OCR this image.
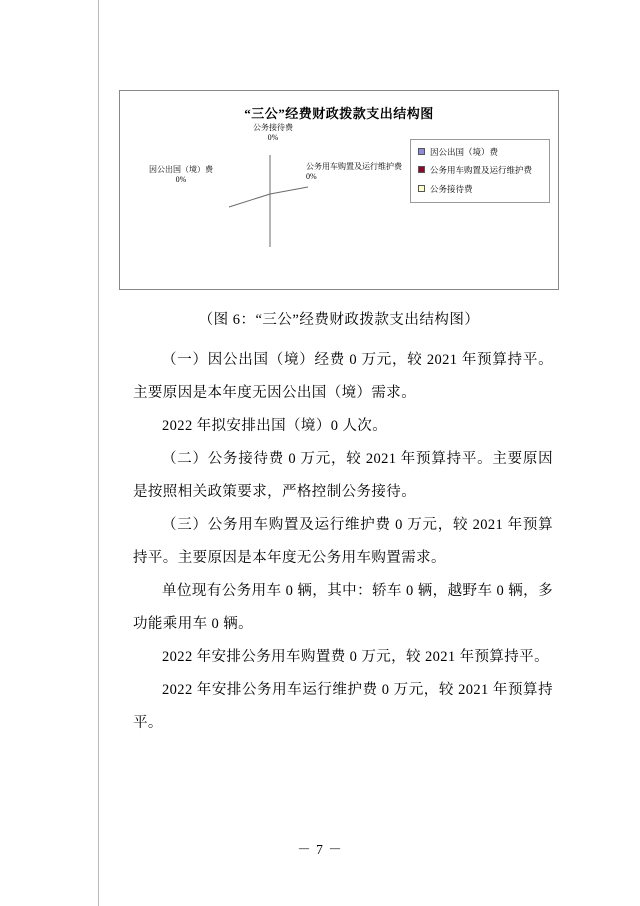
“三公”经费财政拨款支出结构图
公务接待费
0%
因公出国（境）费
0%
公务用车购置及运行维护费
0%
因公出国（境）费
公务用车购置及运行维护费
公务接待费
（图 6：“三公”经费财政拨款支出结构图）

（一）因公出国（境）经费 0 万元，较 2021 年预算持平。主要原因是本年度无因公出国（境）需求。

2022 年拟安排出国（境）0 人次。

（二）公务接待费 0 万元，较 2021 年预算持平。主要原因是按照相关政策要求，严格控制公务接待。

（三）公务用车购置及运行维护费 0 万元，较 2021 年预算持平。主要原因是本年度无公务用车购置需求。

单位现有公务用车 0 辆，其中：轿车 0 辆，越野车 0 辆，多功能乘用车 0 辆。

2022 年安排公务用车购置费 0 万元，较 2021 年预算持平。

2022 年安排公务用车运行维护费 0 万元，较 2021 年预算持平。

－ 7 －
